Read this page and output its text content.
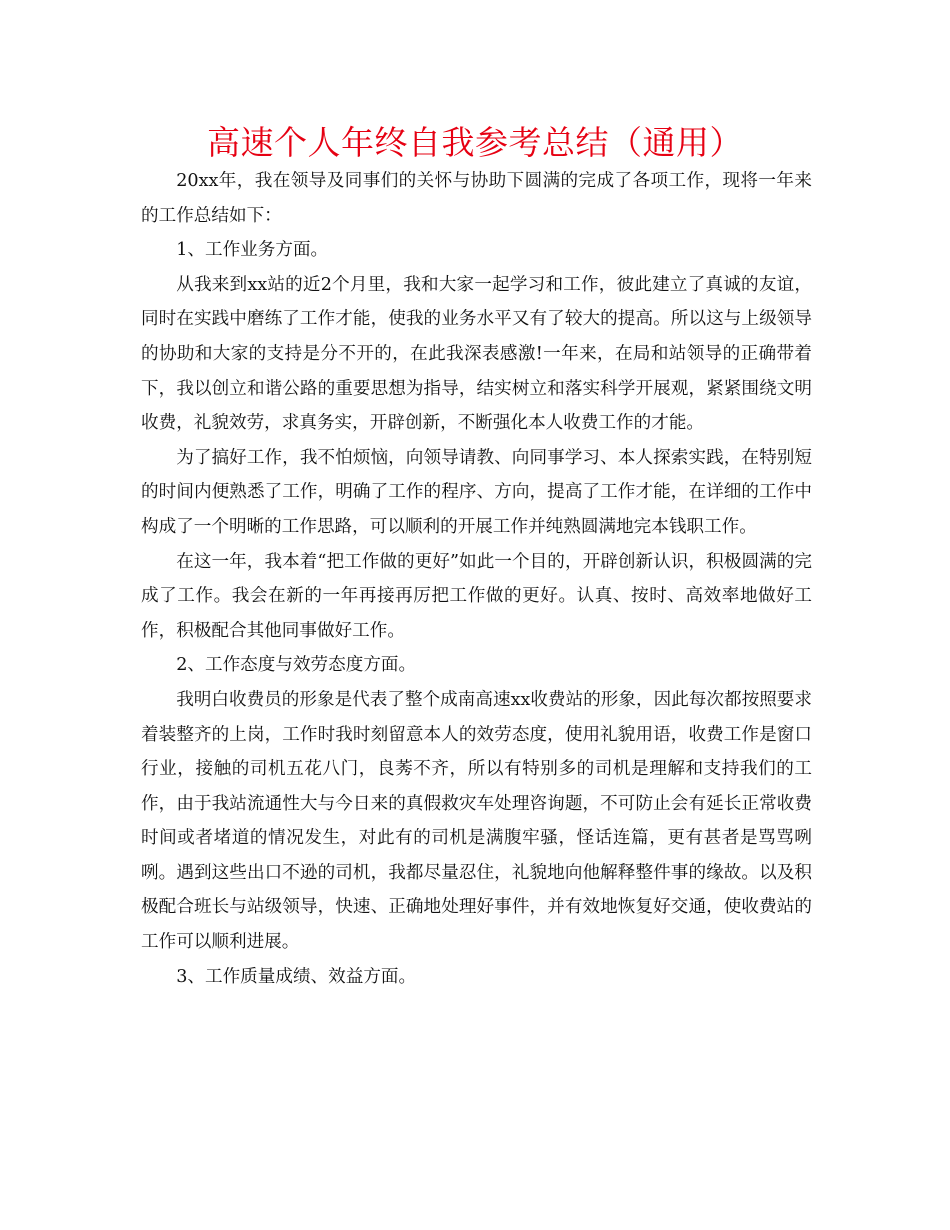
高速个人年终自我参考总结（通用）

20xx年，我在领导及同事们的关怀与协助下圆满的完成了各项工作，现将一年来的工作总结如下：

1、工作业务方面。

从我来到xx站的近2个月里，我和大家一起学习和工作，彼此建立了真诚的友谊，同时在实践中磨练了工作才能，使我的业务水平又有了较大的提高。所以这与上级领导的协助和大家的支持是分不开的，在此我深表感激!一年来，在局和站领导的正确带着下，我以创立和谐公路的重要思想为指导，结实树立和落实科学开展观，紧紧围绕文明收费，礼貌效劳，求真务实，开辟创新，不断强化本人收费工作的才能。

为了搞好工作，我不怕烦恼，向领导请教、向同事学习、本人探索实践，在特别短的时间内便熟悉了工作，明确了工作的程序、方向，提高了工作才能，在详细的工作中构成了一个明晰的工作思路，可以顺利的开展工作并纯熟圆满地完本钱职工作。

在这一年，我本着“把工作做的更好”如此一个目的，开辟创新认识，积极圆满的完成了工作。我会在新的一年再接再厉把工作做的更好。认真、按时、高效率地做好工作，积极配合其他同事做好工作。

2、工作态度与效劳态度方面。

我明白收费员的形象是代表了整个成南高速xx收费站的形象，因此每次都按照要求着装整齐的上岗，工作时我时刻留意本人的效劳态度，使用礼貌用语，收费工作是窗口行业，接触的司机五花八门，良莠不齐，所以有特别多的司机是理解和支持我们的工作，由于我站流通性大与今日来的真假救灾车处理咨询题，不可防止会有延长正常收费时间或者堵道的情况发生，对此有的司机是满腹牢骚，怪话连篇，更有甚者是骂骂咧咧。遇到这些出口不逊的司机，我都尽量忍住，礼貌地向他解释整件事的缘故。以及积极配合班长与站级领导，快速、正确地处理好事件，并有效地恢复好交通，使收费站的工作可以顺利进展。

3、工作质量成绩、效益方面。
